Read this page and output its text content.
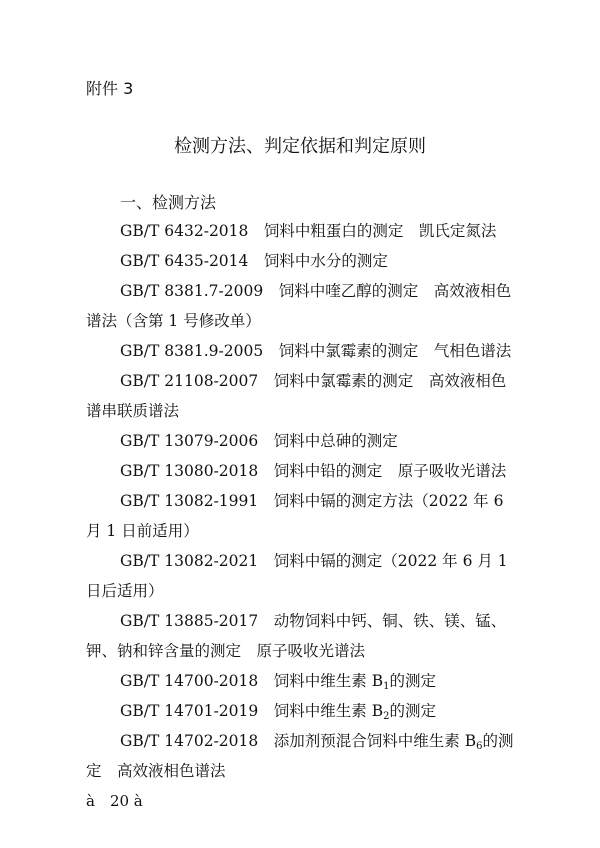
附件 3
检测方法、判定依据和判定原则
一、检测方法
GB/T 6432-2018　 饲料中粗蛋白的测定　凯氏定氮法
GB/T 6435-2014　 饲料中水分的测定
GB/T 8381.7-2009　 饲料中喹乙醇的测定　高效液相色谱法（含第 1 号修改单）
GB/T 8381.9-2005　 饲料中氯霉素的测定　气相色谱法
GB/T 21108-2007　 饲料中氯霉素的测定　高效液相色谱串联质谱法
GB/T 13079-2006　 饲料中总砷的测定
GB/T 13080-2018　 饲料中铅的测定　原子吸收光谱法
GB/T 13082-1991　 饲料中镉的测定方法（2022 年 6 月 1 日前适用）
GB/T 13082-2021　 饲料中镉的测定（2022 年 6 月 1 日后适用）
GB/T 13885-2017　 动物饲料中钙、铜、铁、镁、锰、钾、钠和锌含量的测定　原子吸收光谱法
GB/T 14700-2018　 饲料中维生素 $B_1$的测定
GB/T 14701-2019　 饲料中维生素 $B_2$的测定
GB/T 14702-2018　 添加剂预混合饲料中维生素 $B_6$的测定　高效液相色谱法
à　20 à
